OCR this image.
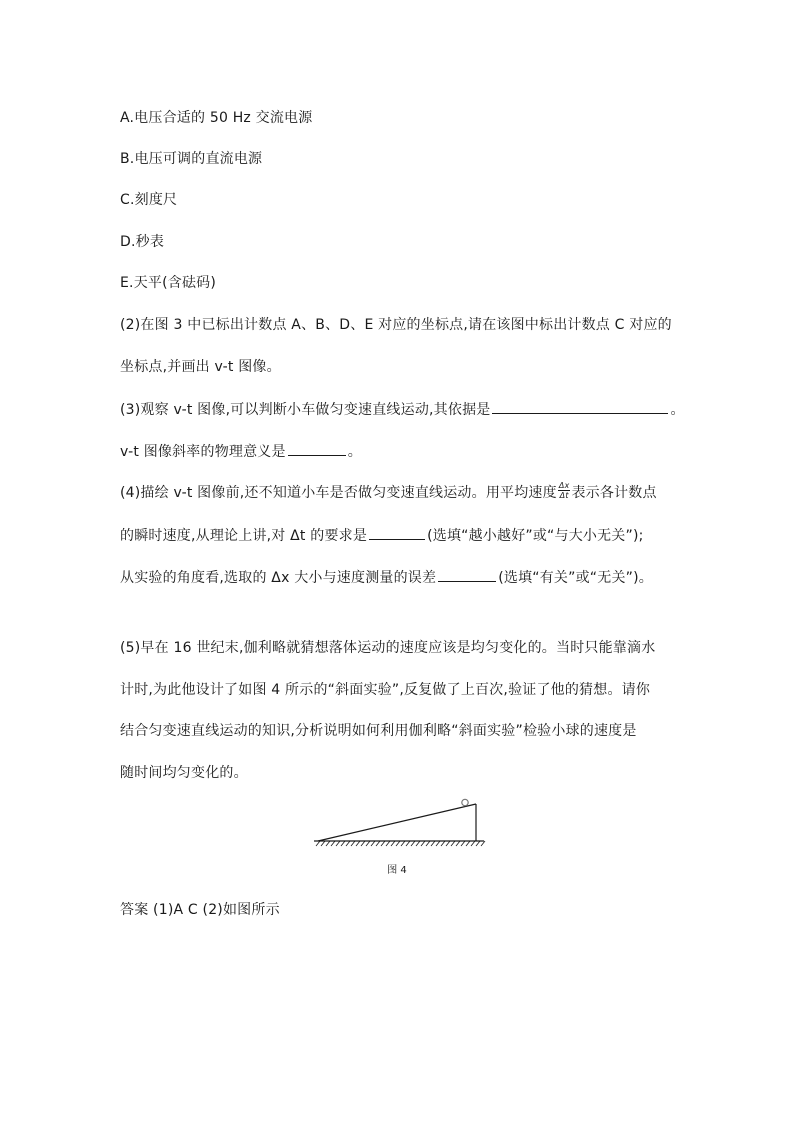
A.电压合适的 50 Hz 交流电源
B.电压可调的直流电源
C.刻度尺
D.秒表
E.天平(含砝码)
(2)在图 3 中已标出计数点 A、B、D、E 对应的坐标点,请在该图中标出计数点 C 对应的
坐标点,并画出 v-t 图像。
(3)观察 v-t 图像,可以判断小车做匀变速直线运动,其依据是	。
v-t 图像斜率的物理意义是	。
(4)描绘 v-t 图像前,还不知道小车是否做匀变速直线运动。用平均速度 $\frac{\Delta x}{\Delta t}$ 表示各计数点
的瞬时速度,从理论上讲,对 Δt 的要求是	(选填“越小越好”或“与大小无关”);
从实验的角度看,选取的 Δx 大小与速度测量的误差	(选填“有关”或“无关”)。
(5)早在 16 世纪末,伽利略就猜想落体运动的速度应该是均匀变化的。当时只能靠滴水
计时,为此他设计了如图 4 所示的“斜面实验”,反复做了上百次,验证了他的猜想。请你
结合匀变速直线运动的知识,分析说明如何利用伽利略“斜面实验”检验小球的速度是
随时间均匀变化的。
图 4
答案 (1)A C (2)如图所示
